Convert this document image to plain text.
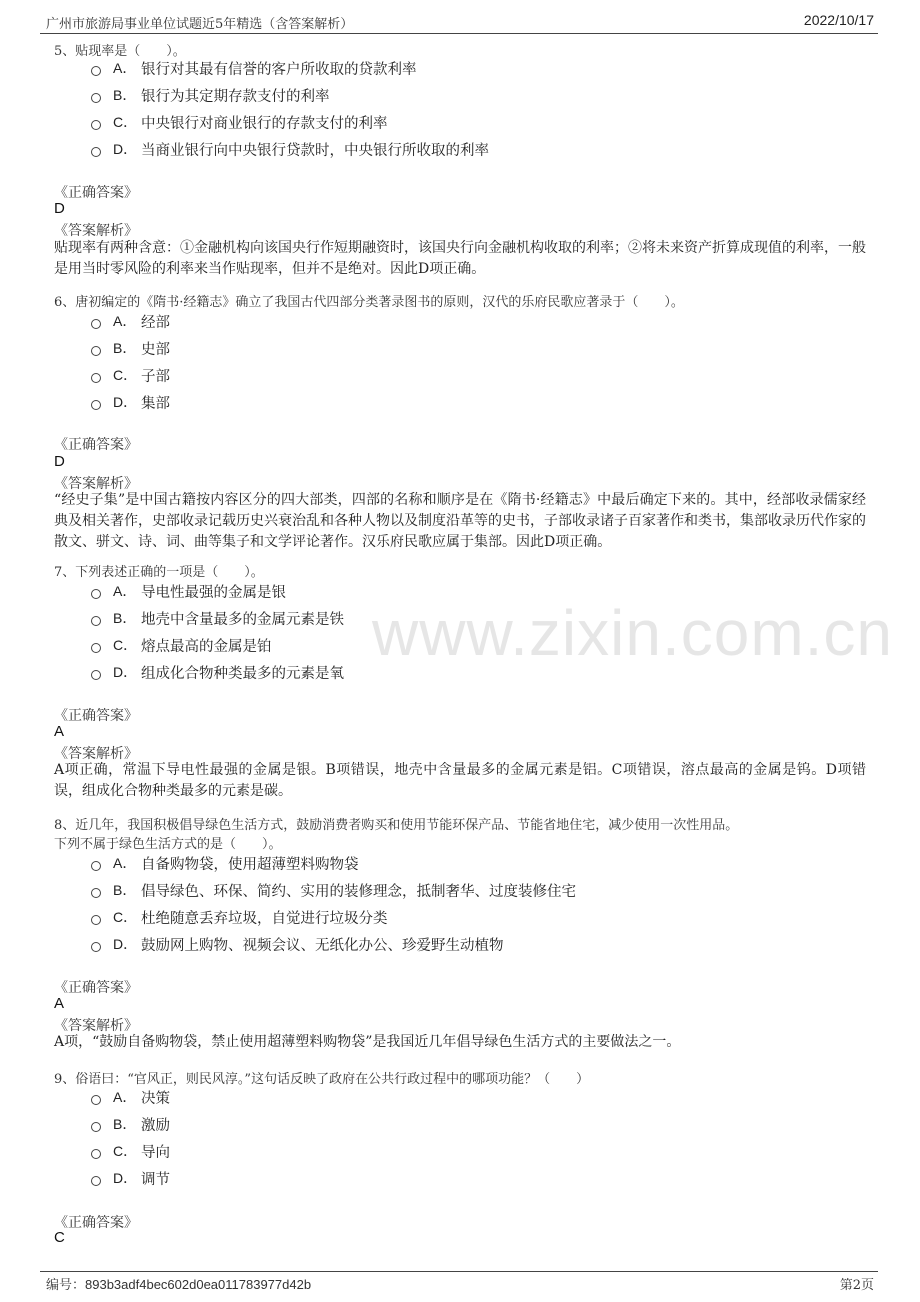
广州市旅游局事业单位试题近5年精选（含答案解析）	2022/10/17
www.zixin.com.cn
5、贴现率是（　　）。
A． 银行对其最有信誉的客户所收取的贷款利率
B． 银行为其定期存款支付的利率
C． 中央银行对商业银行的存款支付的利率
D． 当商业银行向中央银行贷款时，中央银行所收取的利率
《正确答案》
D
《答案解析》
贴现率有两种含意：①金融机构向该国央行作短期融资时，该国央行向金融机构收取的利率；②将未来资产折算成现值的利率，一般是用当时零风险的利率来当作贴现率，但并不是绝对。因此D项正确。
6、唐初编定的《隋书·经籍志》确立了我国古代四部分类著录图书的原则，汉代的乐府民歌应著录于（　　）。
A． 经部
B． 史部
C． 子部
D． 集部
《正确答案》
D
《答案解析》
“经史子集”是中国古籍按内容区分的四大部类，四部的名称和顺序是在《隋书·经籍志》中最后确定下来的。其中，经部收录儒家经典及相关著作，史部收录记载历史兴衰治乱和各种人物以及制度沿革等的史书，子部收录诸子百家著作和类书，集部收录历代作家的散文、骈文、诗、词、曲等集子和文学评论著作。汉乐府民歌应属于集部。因此D项正确。
7、下列表述正确的一项是（　　）。
A． 导电性最强的金属是银
B． 地壳中含量最多的金属元素是铁
C． 熔点最高的金属是铂
D． 组成化合物种类最多的元素是氧
《正确答案》
A
《答案解析》
A项正确，常温下导电性最强的金属是银。B项错误，地壳中含量最多的金属元素是铝。C项错误，溶点最高的金属是钨。D项错误，组成化合物种类最多的元素是碳。
8、近几年，我国积极倡导绿色生活方式，鼓励消费者购买和使用节能环保产品、节能省地住宅，减少使用一次性用品。
下列不属于绿色生活方式的是（　　）。
A． 自备购物袋，使用超薄塑料购物袋
B． 倡导绿色、环保、简约、实用的装修理念，抵制奢华、过度装修住宅
C． 杜绝随意丢弃垃圾，自觉进行垃圾分类
D． 鼓励网上购物、视频会议、无纸化办公、珍爱野生动植物
《正确答案》
A
《答案解析》
A项，“鼓励自备购物袋，禁止使用超薄塑料购物袋”是我国近几年倡导绿色生活方式的主要做法之一。
9、俗语曰：“官风正，则民风淳。”这句话反映了政府在公共行政过程中的哪项功能？（　　）
A． 决策
B． 激励
C． 导向
D． 调节
《正确答案》
C
编号：893b3adf4bec602d0ea011783977d42b	第2页
